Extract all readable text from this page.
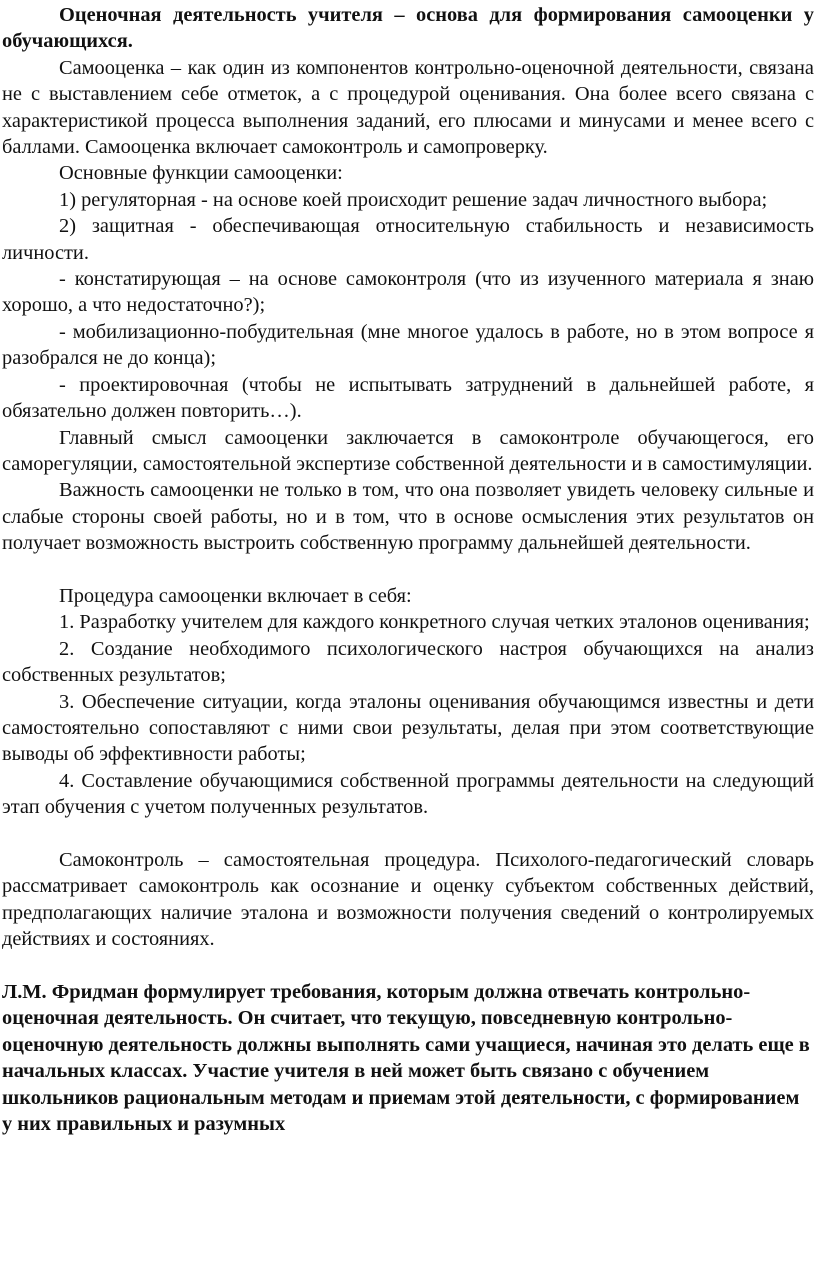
Оценочная деятельность учителя – основа для формирования самооценки у обучающихся.

Самооценка – как один из компонентов контрольно-оценочной деятельности, связана не с выставлением себе отметок, а с процедурой оценивания. Она более всего связана с характеристикой процесса выполнения заданий, его плюсами и минусами и менее всего с баллами. Самооценка включает самоконтроль и самопроверку.

Основные функции самооценки:

1) регуляторная - на основе коей происходит решение задач личностного выбора;

2) защитная - обеспечивающая относительную стабильность и независимость личности.

- констатирующая – на основе самоконтроля (что из изученного материала я знаю хорошо, а что недостаточно?);

- мобилизационно-побудительная (мне многое удалось в работе, но в этом вопросе я разобрался не до конца);

- проектировочная (чтобы не испытывать затруднений в дальнейшей работе, я обязательно должен повторить…).

Главный смысл самооценки заключается в самоконтроле обучающегося, его саморегуляции, самостоятельной экспертизе собственной деятельности и в самостимуляции.

Важность самооценки не только в том, что она позволяет увидеть человеку сильные и слабые стороны своей работы, но и в том, что в основе осмысления этих результатов он получает возможность выстроить собственную программу дальнейшей деятельности.

Процедура самооценки включает в себя:

1. Разработку учителем для каждого конкретного случая четких эталонов оценивания;

2. Создание необходимого психологического настроя обучающихся на анализ собственных результатов;

3. Обеспечение ситуации, когда эталоны оценивания обучающимся известны и дети самостоятельно сопоставляют с ними свои результаты, делая при этом соответствующие выводы об эффективности работы;

4. Составление обучающимися собственной программы деятельности на следующий этап обучения с учетом полученных результатов.

Самоконтроль – самостоятельная процедура. Психолого-педагогический словарь рассматривает самоконтроль как осознание и оценку субъектом собственных действий, предполагающих наличие эталона и возможности получения сведений о контролируемых действиях и состояниях.

Л.М. Фридман формулирует требования, которым должна отвечать контрольно-оценочная деятельность. Он считает, что текущую, повседневную контрольно-оценочную деятельность должны выполнять сами учащиеся, начиная это делать еще в начальных классах. Участие учителя в ней может быть связано с обучением школьников рациональным методам и приемам этой деятельности, с формированием у них правильных и разумных
